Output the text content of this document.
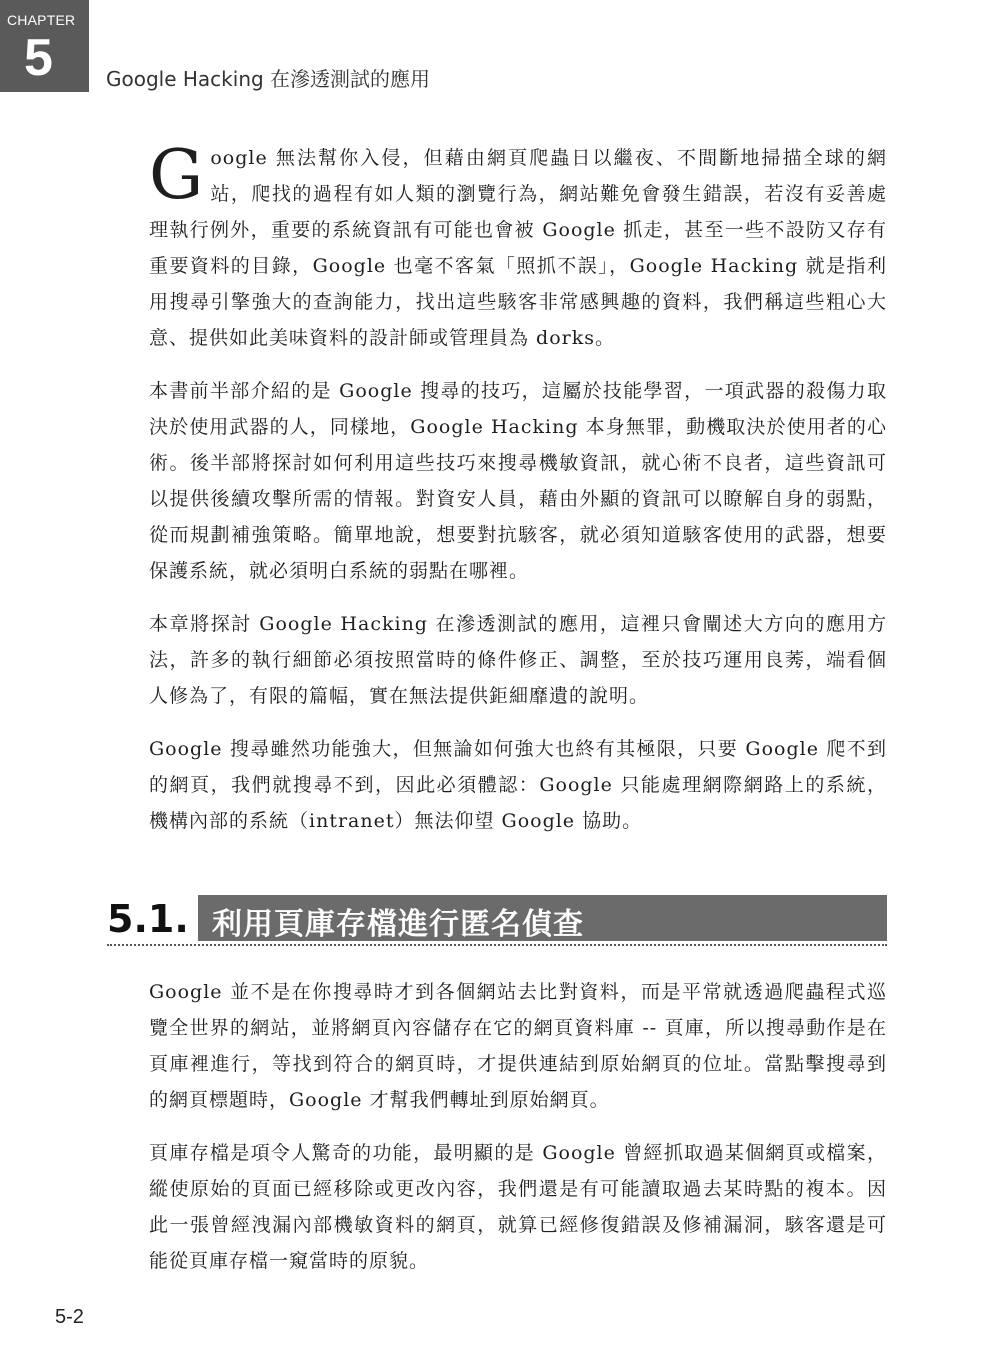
CHAPTER
5	Google Hacking 在滲透測試的應用

Google 無法幫你入侵，但藉由網頁爬蟲日以繼夜、不間斷地掃描全球的網站，爬找的過程有如人類的瀏覽行為，網站難免會發生錯誤，若沒有妥善處理執行例外，重要的系統資訊有可能也會被 Google 抓走，甚至一些不設防又存有重要資料的目錄，Google 也毫不客氣「照抓不誤」，Google Hacking 就是指利用搜尋引擎強大的查詢能力，找出這些駭客非常感興趣的資料，我們稱這些粗心大意、提供如此美味資料的設計師或管理員為 dorks。

本書前半部介紹的是 Google 搜尋的技巧，這屬於技能學習，一項武器的殺傷力取決於使用武器的人，同樣地，Google Hacking 本身無罪，動機取決於使用者的心術。後半部將探討如何利用這些技巧來搜尋機敏資訊，就心術不良者，這些資訊可以提供後續攻擊所需的情報。對資安人員，藉由外顯的資訊可以瞭解自身的弱點，從而規劃補強策略。簡單地說，想要對抗駭客，就必須知道駭客使用的武器，想要保護系統，就必須明白系統的弱點在哪裡。

本章將探討 Google Hacking 在滲透測試的應用，這裡只會闡述大方向的應用方法，許多的執行細節必須按照當時的條件修正、調整，至於技巧運用良莠，端看個人修為了，有限的篇幅，實在無法提供鉅細靡遺的說明。

Google 搜尋雖然功能強大，但無論如何強大也終有其極限，只要 Google 爬不到的網頁，我們就搜尋不到，因此必須體認：Google 只能處理網際網路上的系統，機構內部的系統（intranet）無法仰望 Google 協助。

5.1. 利用頁庫存檔進行匿名偵查

Google 並不是在你搜尋時才到各個網站去比對資料，而是平常就透過爬蟲程式巡覽全世界的網站，並將網頁內容儲存在它的網頁資料庫 -- 頁庫，所以搜尋動作是在頁庫裡進行，等找到符合的網頁時，才提供連結到原始網頁的位址。當點擊搜尋到的網頁標題時，Google 才幫我們轉址到原始網頁。

頁庫存檔是項令人驚奇的功能，最明顯的是 Google 曾經抓取過某個網頁或檔案，縱使原始的頁面已經移除或更改內容，我們還是有可能讀取過去某時點的複本。因此一張曾經洩漏內部機敏資料的網頁，就算已經修復錯誤及修補漏洞，駭客還是可能從頁庫存檔一窺當時的原貌。

5-2
